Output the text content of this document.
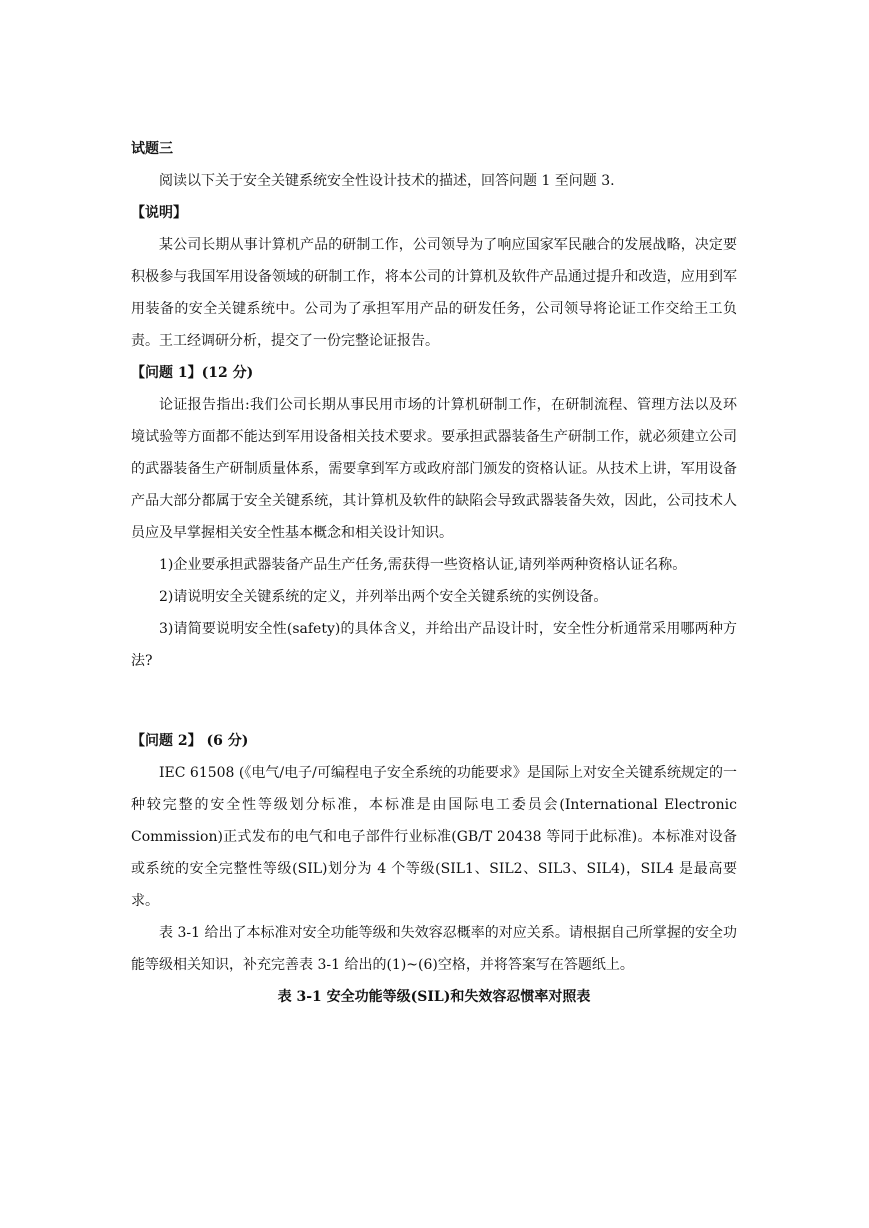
试题三

阅读以下关于安全关键系统安全性设计技术的描述，回答问题 1 至问题 3.

【说明】

某公司长期从事计算机产品的研制工作，公司领导为了响应国家军民融合的发展战略，决定要积极参与我国军用设备领域的研制工作，将本公司的计算机及软件产品通过提升和改造，应用到军用装备的安全关键系统中。公司为了承担军用产品的研发任务，公司领导将论证工作交给王工负责。王工经调研分析，提交了一份完整论证报告。

【问题 1】(12 分)

论证报告指出:我们公司长期从事民用市场的计算机研制工作，在研制流程、管理方法以及环境试验等方面都不能达到军用设备相关技术要求。要承担武器装备生产研制工作，就必须建立公司的武器装备生产研制质量体系，需要拿到军方或政府部门颁发的资格认证。从技术上讲，军用设备产品大部分都属于安全关键系统，其计算机及软件的缺陷会导致武器装备失效，因此，公司技术人员应及早掌握相关安全性基本概念和相关设计知识。

1)企业要承担武器装备产品生产任务,需获得一些资格认证,请列举两种资格认证名称。

2)请说明安全关键系统的定义，并列举出两个安全关键系统的实例设备。

3)请简要说明安全性(safety)的具体含义，并给出产品设计时，安全性分析通常采用哪两种方法?

【问题 2】 (6 分)

IEC 61508 (《电气/电子/可编程电子安全系统的功能要求》是国际上对安全关键系统规定的一种较完整的安全性等级划分标准，本标准是由国际电工委员会(International Electronic Commission)正式发布的电气和电子部件行业标准(GB/T 20438 等同于此标准)。本标准对设备或系统的安全完整性等级(SIL)划分为 4 个等级(SIL1、SIL2、SIL3、SIL4)，SIL4 是最高要求。

表 3-1 给出了本标准对安全功能等级和失效容忍概率的对应关系。请根据自己所掌握的安全功能等级相关知识，补充完善表 3-1 给出的(1)~(6)空格，并将答案写在答题纸上。

表 3-1 安全功能等级(SIL)和失效容忍惯率对照表
